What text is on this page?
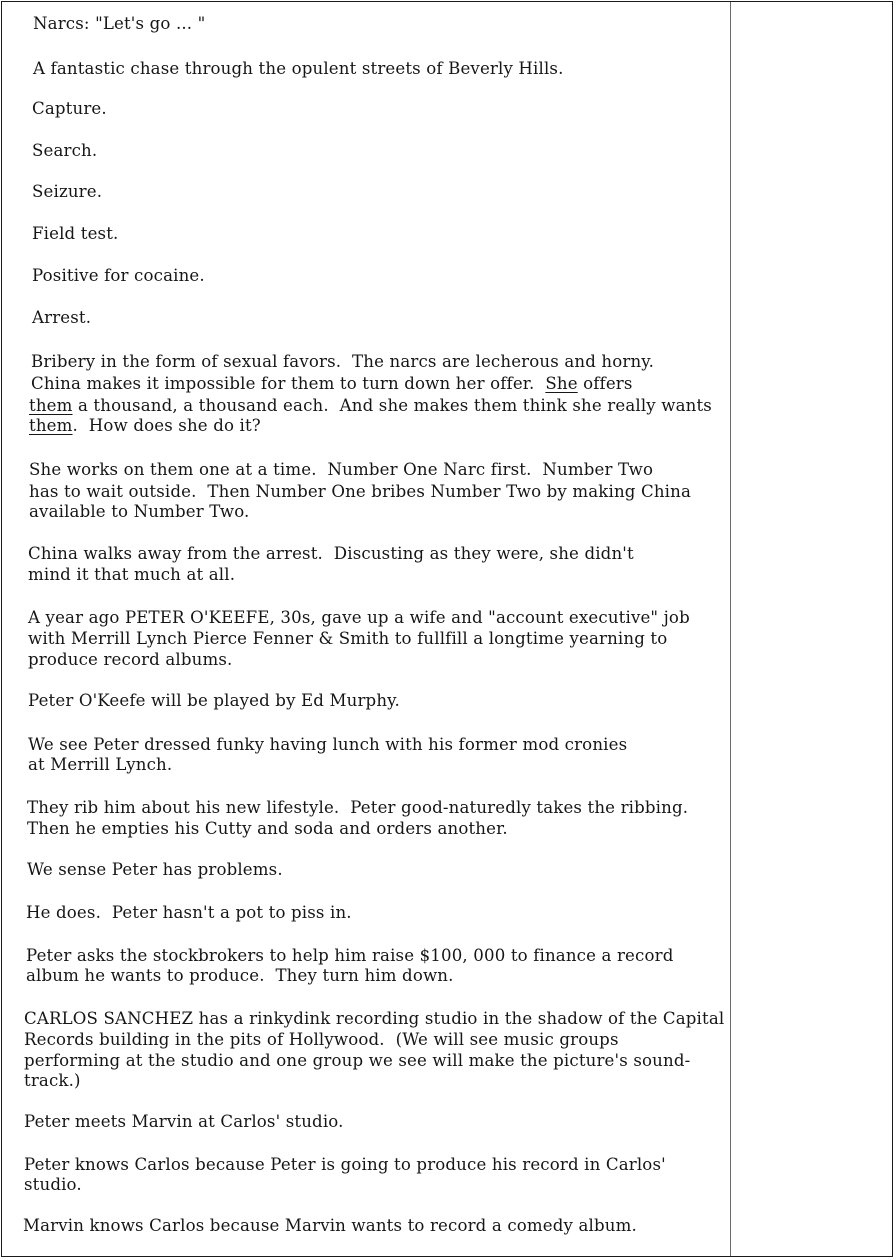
Narcs: "Let's go ... "
A fantastic chase through the opulent streets of Beverly Hills.
Capture.
Search.
Seizure.
Field test.
Positive for cocaine.
Arrest.
Bribery in the form of sexual favors.  The narcs are lecherous and horny.
China makes it impossible for them to turn down her offer.  She offers
them a thousand, a thousand each.  And she makes them think she really wants
them.  How does she do it?
She works on them one at a time.  Number One Narc first.  Number Two
has to wait outside.  Then Number One bribes Number Two by making China
available to Number Two.
China walks away from the arrest.  Discusting as they were, she didn't
mind it that much at all.
A year ago PETER O'KEEFE, 30s, gave up a wife and "account executive" job
with Merrill Lynch Pierce Fenner & Smith to fullfill a longtime yearning to
produce record albums.
Peter O'Keefe will be played by Ed Murphy.
We see Peter dressed funky having lunch with his former mod cronies
at Merrill Lynch.
They rib him about his new lifestyle.  Peter good-naturedly takes the ribbing.
Then he empties his Cutty and soda and orders another.
We sense Peter has problems.
He does.  Peter hasn't a pot to piss in.
Peter asks the stockbrokers to help him raise $100, 000 to finance a record
album he wants to produce.  They turn him down.
CARLOS SANCHEZ has a rinkydink recording studio in the shadow of the Capital
Records building in the pits of Hollywood.  (We will see music groups
performing at the studio and one group we see will make the picture's sound-
track.)
Peter meets Marvin at Carlos' studio.
Peter knows Carlos because Peter is going to produce his record in Carlos'
studio.
Marvin knows Carlos because Marvin wants to record a comedy album.
